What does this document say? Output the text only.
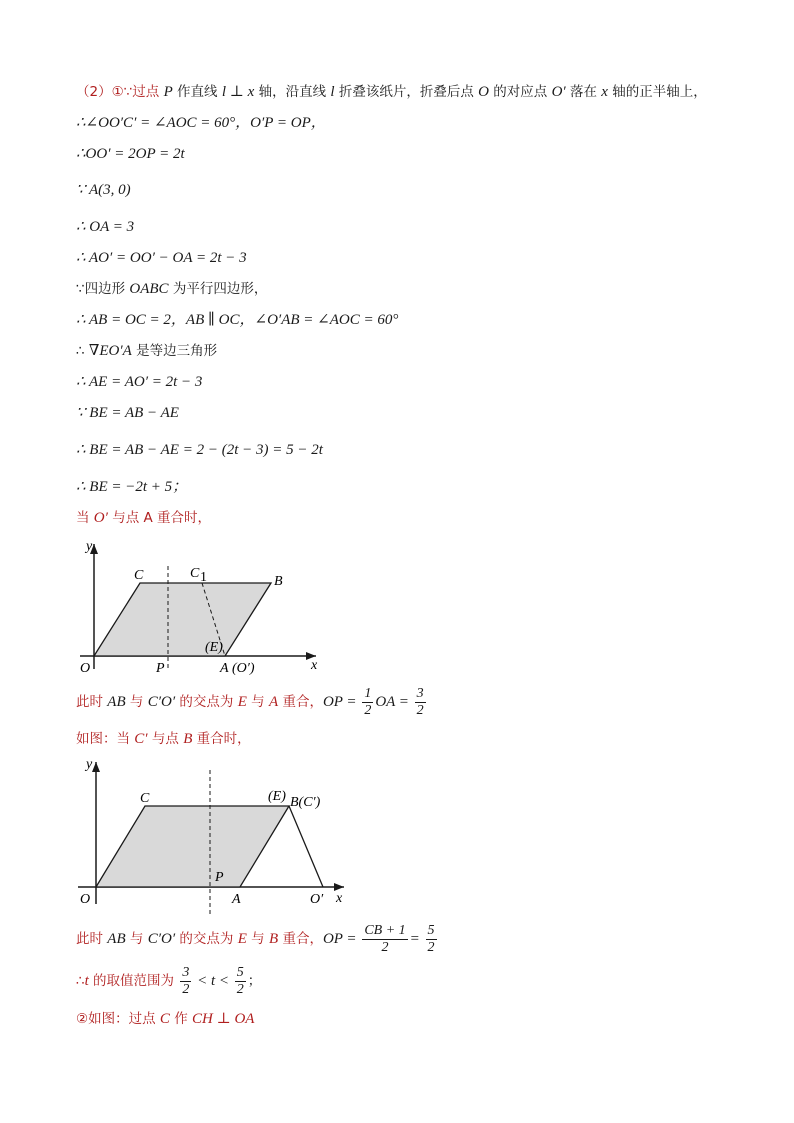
（2）①∵过点 P 作直线 l ⊥ x 轴，沿直线 l 折叠该纸片，折叠后点 O 的对应点 O′ 落在 x 轴的正半轴上，
∴∠OO′C′ = ∠AOC = 60°，O′P = OP，
∴OO′ = 2OP = 2t
∵ A(3, 0)
∴ OA = 3
∴ AO′ = OO′ − OA = 2t − 3
∵四边形 OABC 为平行四边形，
∴ AB = OC = 2，AB ∥ OC，∠O′AB = ∠AOC = 60°
∴ ∇EO′A 是等边三角形
∴ AE = AO′ = 2t − 3
∵ BE = AB − AE
∴ BE = AB − AE = 2 − (2t − 3) = 5 − 2t
∴ BE = −2t + 5；
当 O′ 与点 A 重合时，
y
x
O
C	C 1	B
P
(E)
A (O′)
此时 AB 与 C′O′ 的交点为 E 与 A 重合，OP = $\frac{1}{2}$ OA = $\frac{3}{2}$
如图：当 C′ 与点 B 重合时，
y
x
O
C	(E) B(C′)
P
A	O′
此时 AB 与 C′O′ 的交点为 E 与 B 重合，OP = $\frac{CB + 1}{2} = \frac{5}{2}$
∴t 的取值范围为 $\frac{3}{2} < t < \frac{5}{2}$ ；
②如图：过点 C 作 CH ⊥ OA
